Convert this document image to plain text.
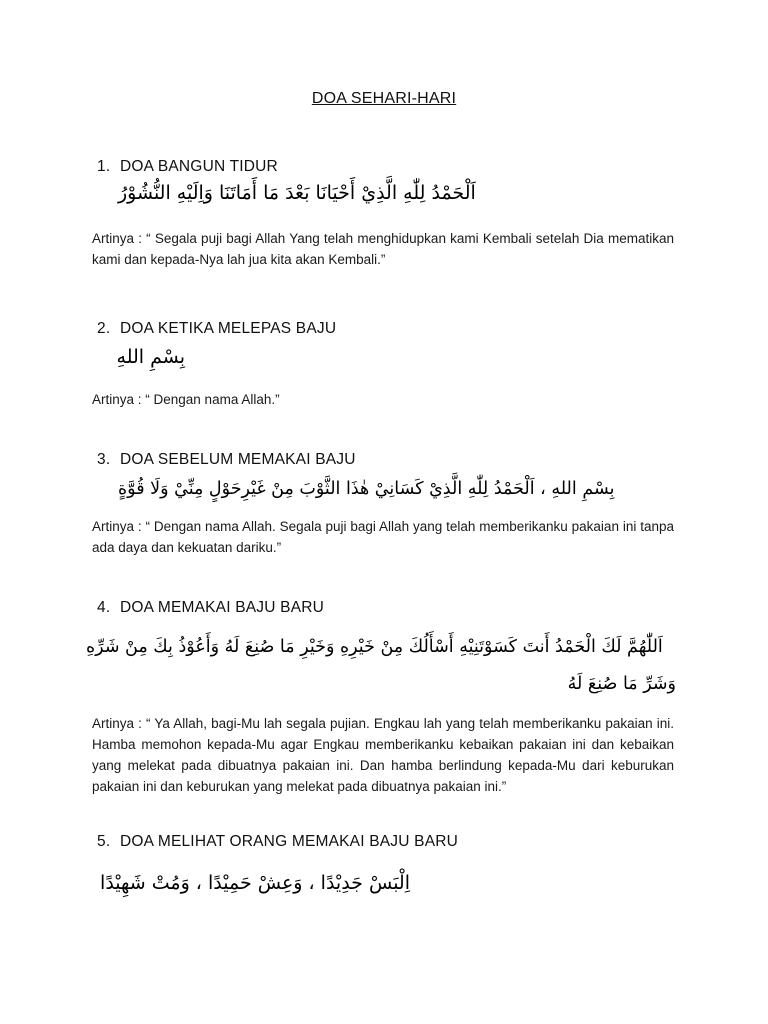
DOA SEHARI-HARI
1. DOA BANGUN TIDUR
اَلْحَمْدُ لِلّٰهِ الَّذِيْ أَحْيَانَا بَعْدَ مَا أَمَاتَنَا وَاِلَيْهِ النُّشُوْرُ
Artinya : “ Segala puji bagi Allah Yang telah menghidupkan kami Kembali setelah Dia mematikan kami dan kepada-Nya lah jua kita akan Kembali.”
2. DOA KETIKA MELEPAS BAJU
بِسْمِ اللهِ
Artinya : “ Dengan nama Allah.”
3. DOA SEBELUM MEMAKAI BAJU
بِسْمِ اللهِ ، اَلْحَمْدُ لِلّٰهِ الَّذِيْ كَسَانِيْ هٰذَا الثَّوْبَ مِنْ غَيْرِحَوْلٍ مِنِّيْ وَلَا قُوَّةٍ
Artinya : “ Dengan nama Allah. Segala puji bagi Allah yang telah memberikanku pakaian ini tanpa ada daya dan kekuatan dariku.”
4. DOA MEMAKAI BAJU BARU
اَللّٰهُمَّ لَكَ الْحَمْدُ أَنتَ كَسَوْتَنِيْهِ أَسْأَلُكَ مِنْ خَيْرِهِ وَخَيْرِ مَا صُنِعَ لَهُ وَأَعُوْذُ بِكَ مِنْ شَرِّهِ
وَشَرِّ مَا صُنِعَ لَهُ
Artinya : “ Ya Allah, bagi-Mu lah segala pujian. Engkau lah yang telah memberikanku pakaian ini. Hamba memohon kepada-Mu agar Engkau memberikanku kebaikan pakaian ini dan kebaikan yang melekat pada dibuatnya pakaian ini. Dan hamba berlindung kepada-Mu dari keburukan pakaian ini dan keburukan yang melekat pada dibuatnya pakaian ini.”
5. DOA MELIHAT ORANG MEMAKAI BAJU BARU
اِلْبَسْ جَدِيْدًا ، وَعِشْ حَمِيْدًا ، وَمُتْ شَهِيْدًا
